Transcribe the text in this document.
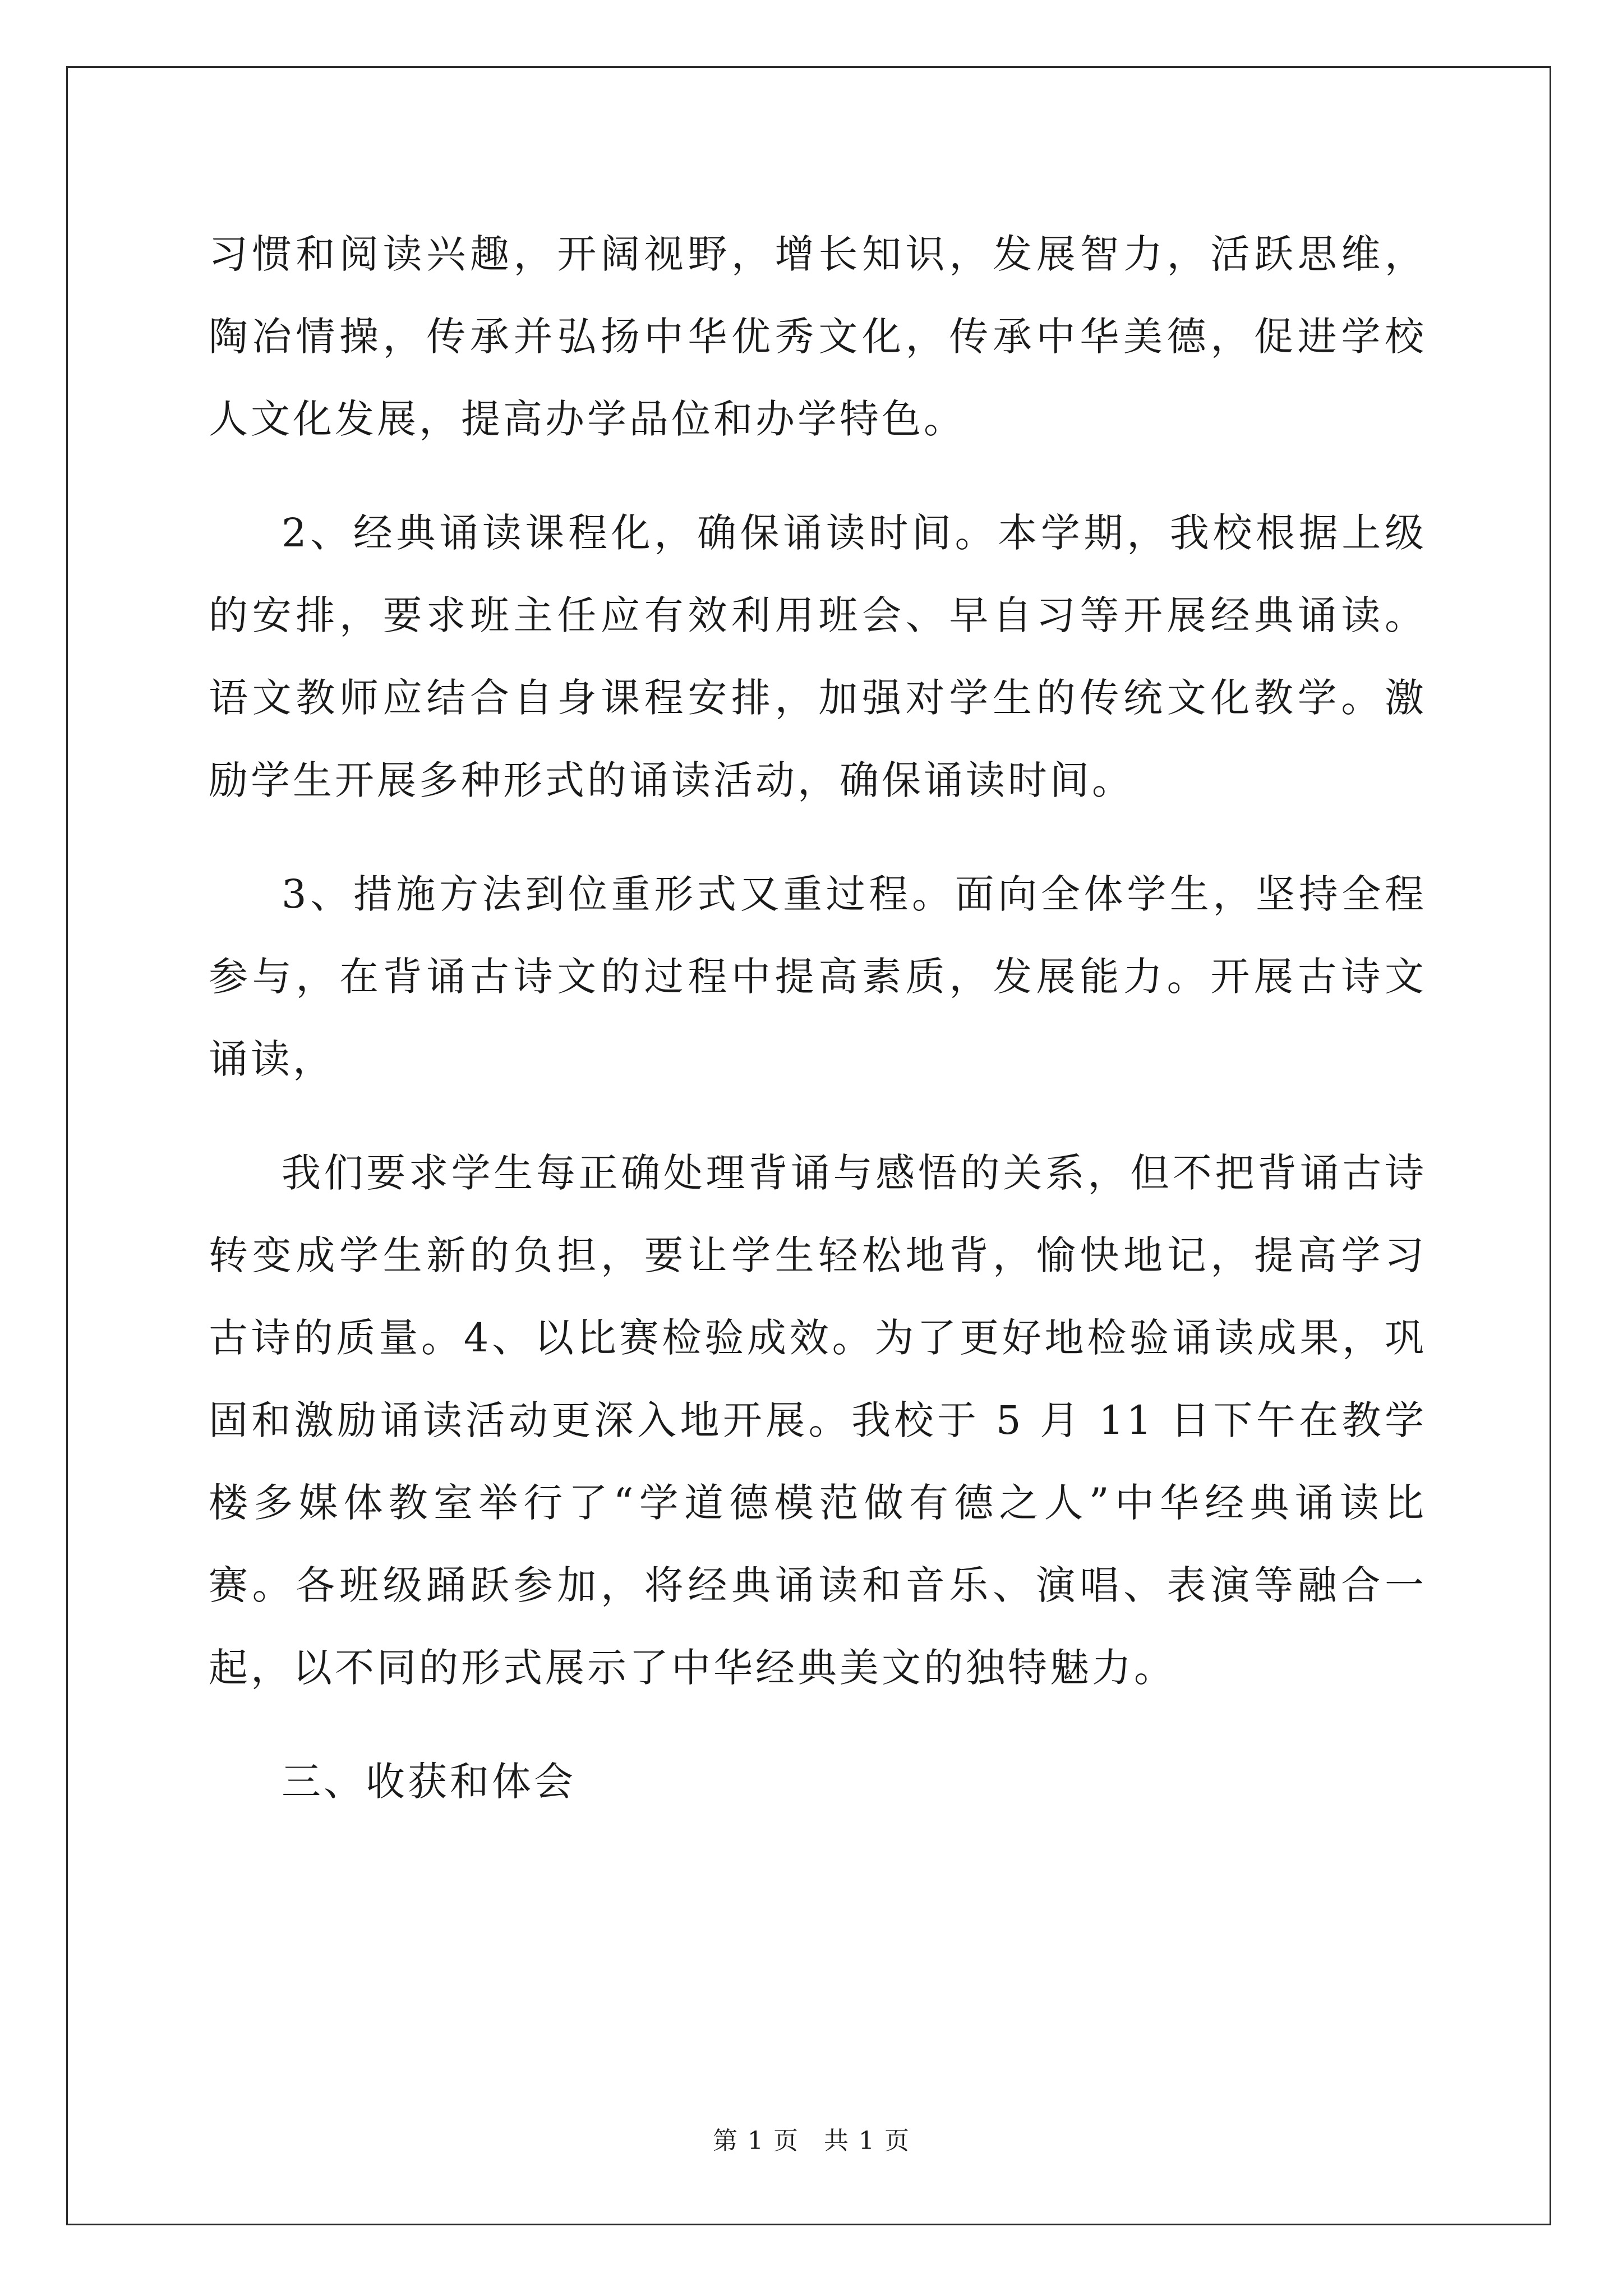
习惯和阅读兴趣，开阔视野，增长知识，发展智力，活跃思维，陶冶情操，传承并弘扬中华优秀文化，传承中华美德，促进学校人文化发展，提高办学品位和办学特色。

2、经典诵读课程化，确保诵读时间。本学期，我校根据上级的安排，要求班主任应有效利用班会、早自习等开展经典诵读。语文教师应结合自身课程安排，加强对学生的传统文化教学。激励学生开展多种形式的诵读活动，确保诵读时间。

3、措施方法到位重形式又重过程。面向全体学生，坚持全程参与，在背诵古诗文的过程中提高素质，发展能力。开展古诗文诵读，

我们要求学生每正确处理背诵与感悟的关系，但不把背诵古诗转变成学生新的负担，要让学生轻松地背，愉快地记，提高学习古诗的质量。4、以比赛检验成效。为了更好地检验诵读成果，巩固和激励诵读活动更深入地开展。我校于 5 月 11 日下午在教学楼多媒体教室举行了“学道德模范做有德之人”中华经典诵读比赛。各班级踊跃参加，将经典诵读和音乐、演唱、表演等融合一起，以不同的形式展示了中华经典美文的独特魅力。

三、收获和体会

第 1 页 共 1 页
